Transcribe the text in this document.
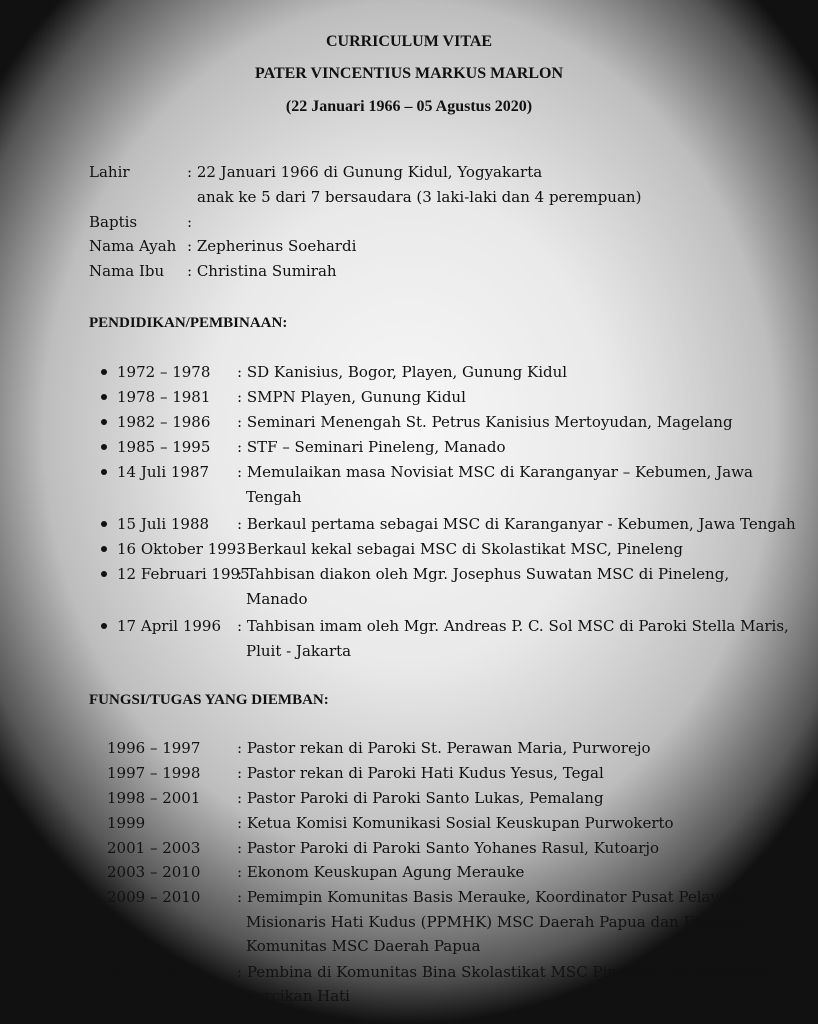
CURRICULUM VITAE
PATER VINCENTIUS MARKUS MARLON
(22 Januari 1966 – 05 Agustus 2020)
Lahir	: 22 Januari 1966 di Gunung Kidul, Yogyakarta
anak ke 5 dari 7 bersaudara (3 laki-laki dan 4 perempuan)
Baptis	:
Nama Ayah : Zepherinus Soehardi
Nama Ibu : Christina Sumirah
PENDIDIKAN/PEMBINAAN:
1972 – 1978 : SD Kanisius, Bogor, Playen, Gunung Kidul
1978 – 1981 : SMPN Playen, Gunung Kidul
1982 – 1986 : Seminari Menengah St. Petrus Kanisius Mertoyudan, Magelang
1985 – 1995 : STF – Seminari Pineleng, Manado
14 Juli 1987 : Memulaikan masa Novisiat MSC di Karanganyar – Kebumen, Jawa
Tengah
15 Juli 1988 : Berkaul pertama sebagai MSC di Karanganyar - Kebumen, Jawa Tengah
16 Oktober 1993
: Berkaul kekal sebagai MSC di Skolastikat MSC, Pineleng
12 Februari 1995
: Tahbisan diakon oleh Mgr. Josephus Suwatan MSC di Pineleng,
Manado
17 April 1996 : Tahbisan imam oleh Mgr. Andreas P. C. Sol MSC di Paroki Stella Maris,
Pluit - Jakarta
FUNGSI/TUGAS YANG DIEMBAN:
1996 – 1997 : Pastor rekan di Paroki St. Perawan Maria, Purworejo
1997 – 1998 : Pastor rekan di Paroki Hati Kudus Yesus, Tegal
1998 – 2001 : Pastor Paroki di Paroki Santo Lukas, Pemalang
1999	: Ketua Komisi Komunikasi Sosial Keuskupan Purwokerto
2001 – 2003 : Pastor Paroki di Paroki Santo Yohanes Rasul, Kutoarjo
2003 – 2010 : Ekonom Keuskupan Agung Merauke
2009 – 2010 : Pemimpin Komunitas Basis Merauke, Koordinator Pusat Pelayanan
Misionaris Hati Kudus (PPMHK) MSC Daerah Papua dan Ekonom
Komunitas MSC Daerah Papua
2011 – 2012 : Pembina di Komunitas Bina Skolastikat MSC Pineleng dan Redaktur
Percikan Hati
